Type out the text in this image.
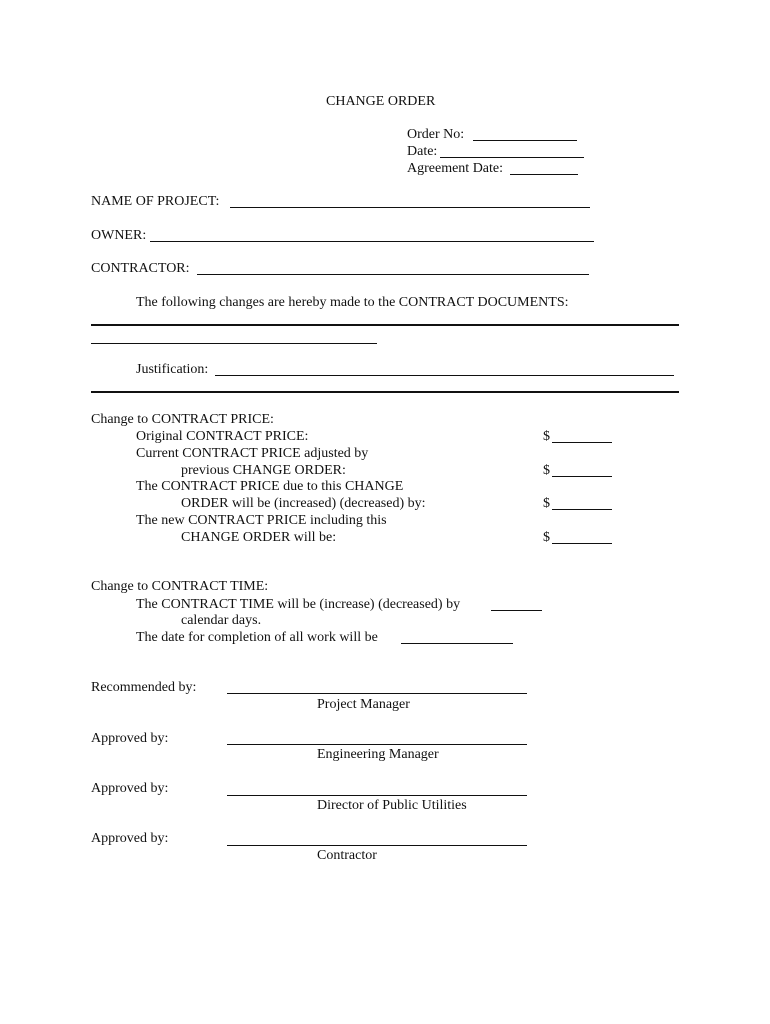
CHANGE ORDER
Order No:
Date:
Agreement Date:
NAME OF PROJECT:
OWNER:
CONTRACTOR:
The following changes are hereby made to the CONTRACT DOCUMENTS:
Justification:
Change to CONTRACT PRICE:
Original CONTRACT PRICE:	$
Current CONTRACT PRICE adjusted by
previous CHANGE ORDER:	$
The CONTRACT PRICE due to this CHANGE
ORDER will be (increased) (decreased) by:	$
The new CONTRACT PRICE including this
CHANGE ORDER will be:	$
Change to CONTRACT TIME:
The CONTRACT TIME will be (increase) (decreased) by
calendar days.
The date for completion of all work will be
Recommended by:
Project Manager
Approved by:
Engineering Manager
Approved by:
Director of Public Utilities
Approved by:
Contractor
